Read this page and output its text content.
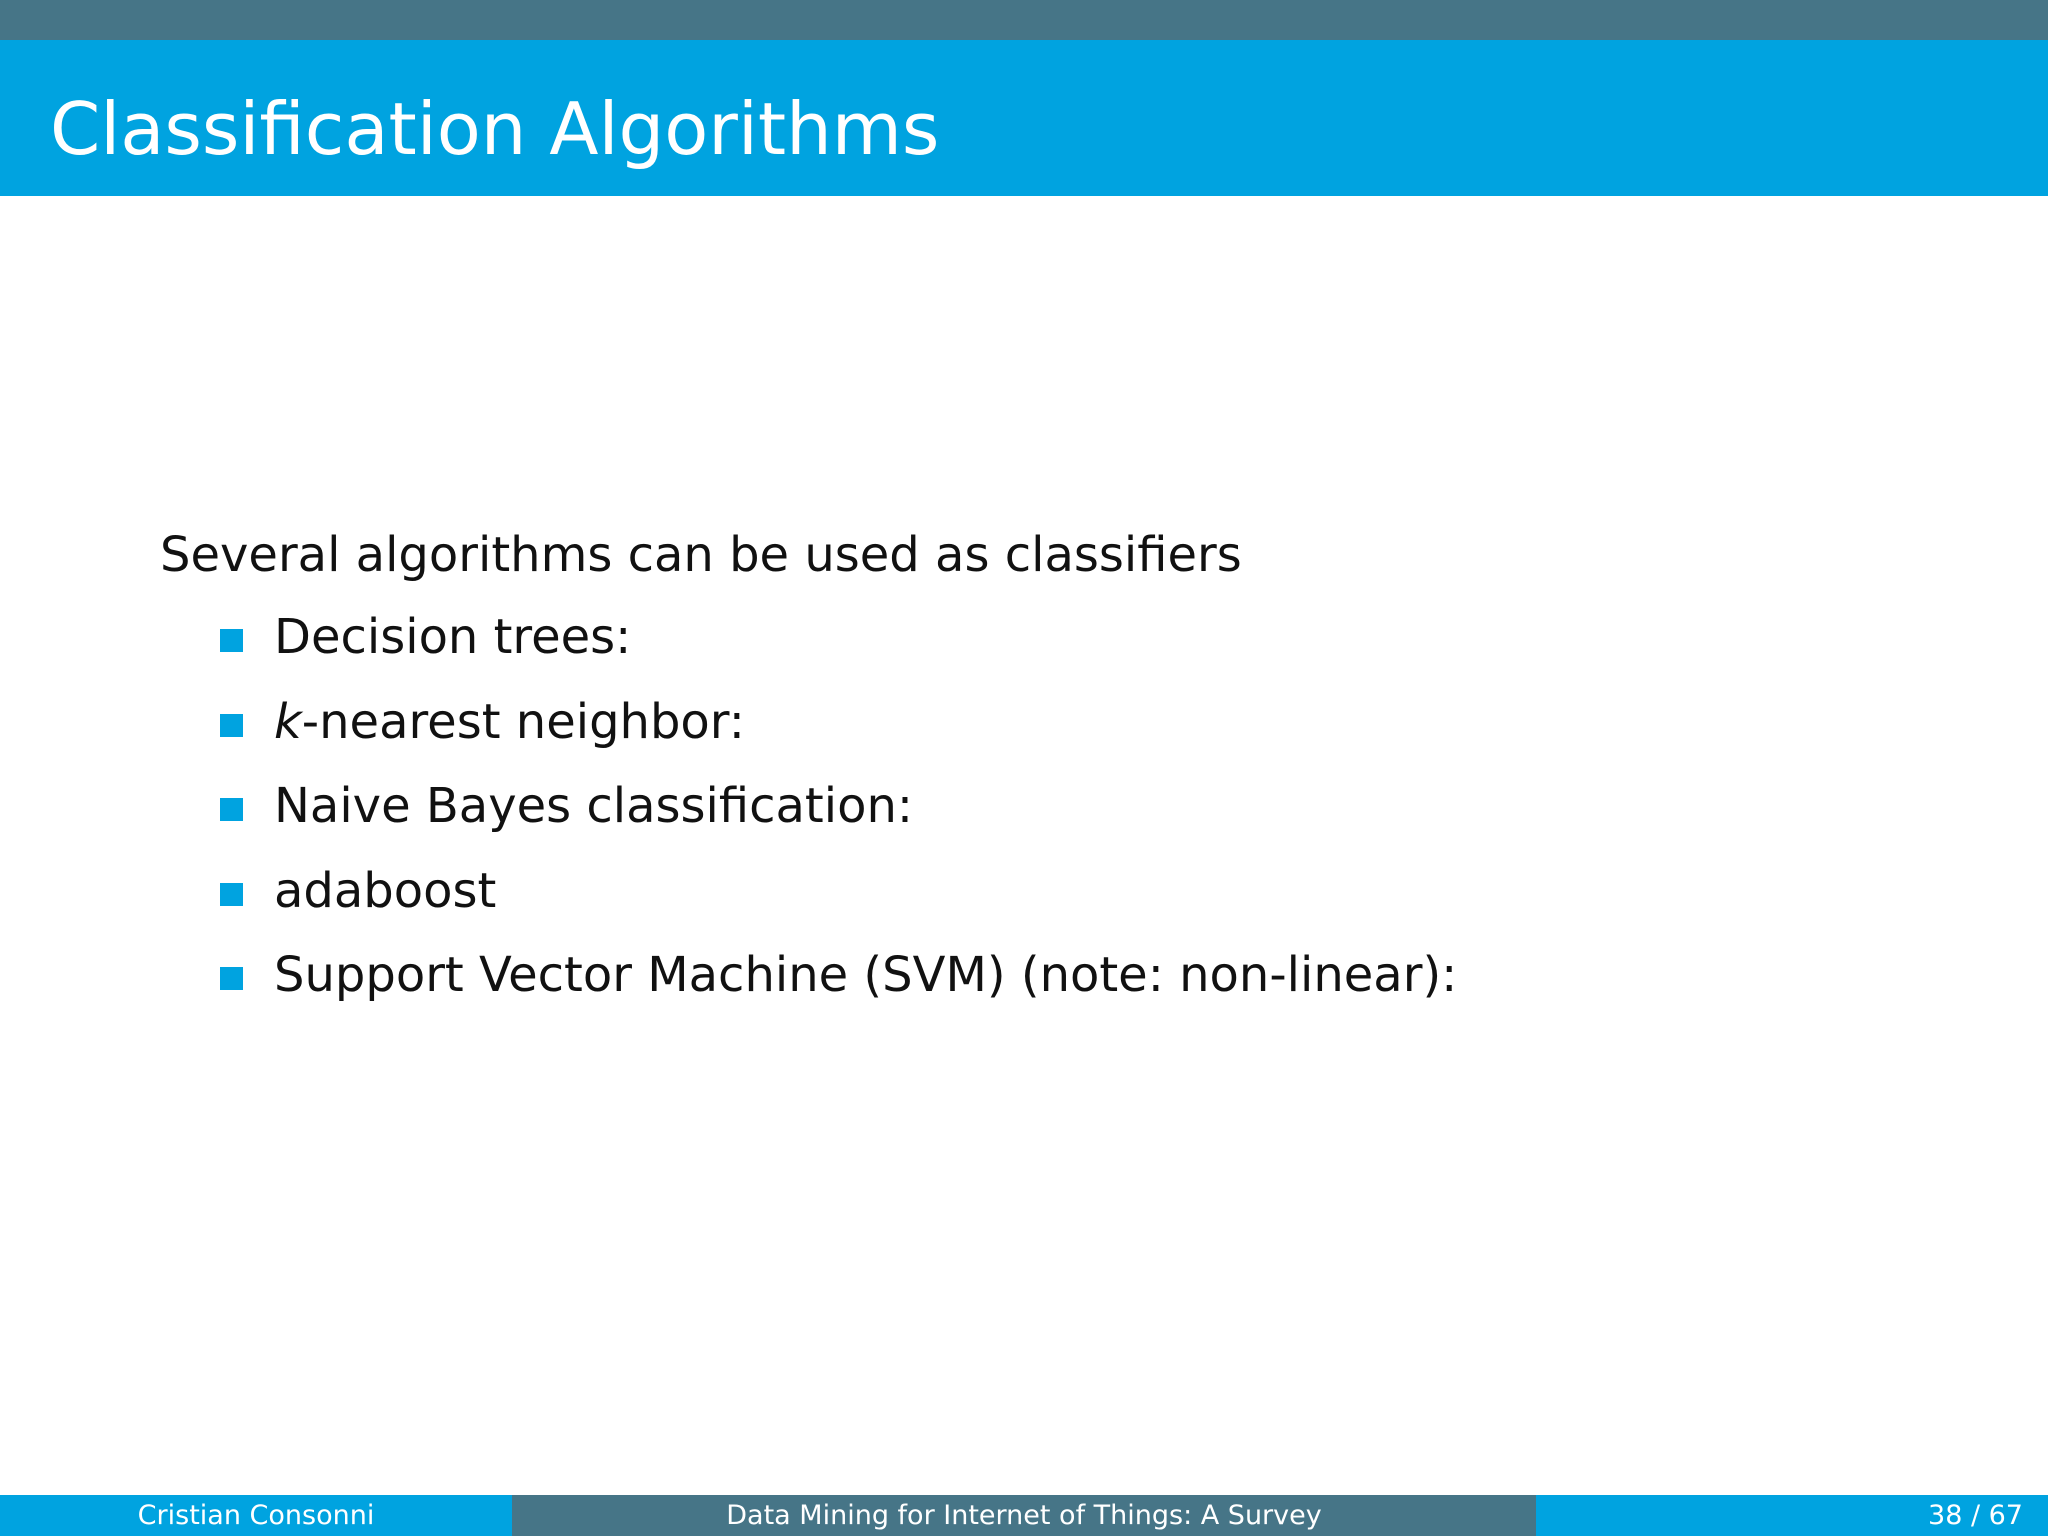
Classification Algorithms
Several algorithms can be used as classifiers
Decision trees:
k-nearest neighbor:
Naive Bayes classification:
adaboost
Support Vector Machine (SVM) (note: non-linear):
Cristian Consonni	Data Mining for Internet of Things: A Survey	38 / 67
